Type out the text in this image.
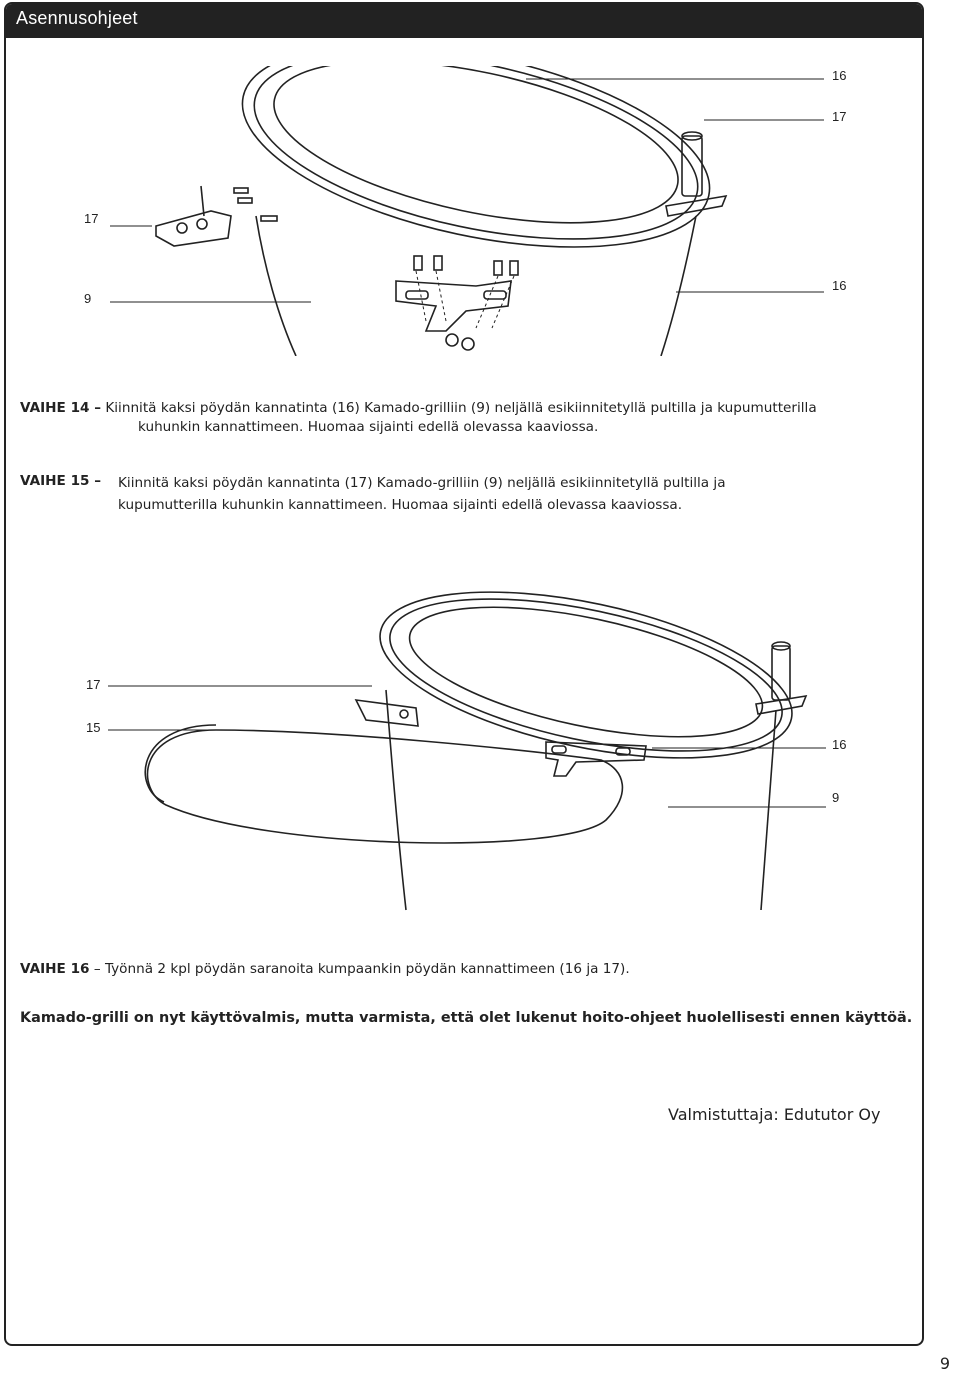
Asennusohjeet
16
17
17
9
16
VAIHE 14 – Kiinnitä kaksi pöydän kannatinta (16) Kamado-grilliin (9) neljällä esikiinnitetyllä pultilla ja kupumutterilla
kuhunkin kannattimeen. Huomaa sijainti edellä olevassa kaaviossa.
VAIHE 15 – Kiinnitä kaksi pöydän kannatinta (17) Kamado-grilliin (9) neljällä esikiinnitetyllä pultilla ja
kupumutterilla kuhunkin kannattimeen. Huomaa sijainti edellä olevassa kaaviossa.
17
15
16
9
VAIHE 16 – Työnnä 2 kpl pöydän saranoita kumpaankin pöydän kannattimeen (16 ja 17).
Kamado-grilli on nyt käyttövalmis, mutta varmista, että olet lukenut hoito-ohjeet huolellisesti ennen käyttöä.
Valmistuttaja: Edututor Oy
9
